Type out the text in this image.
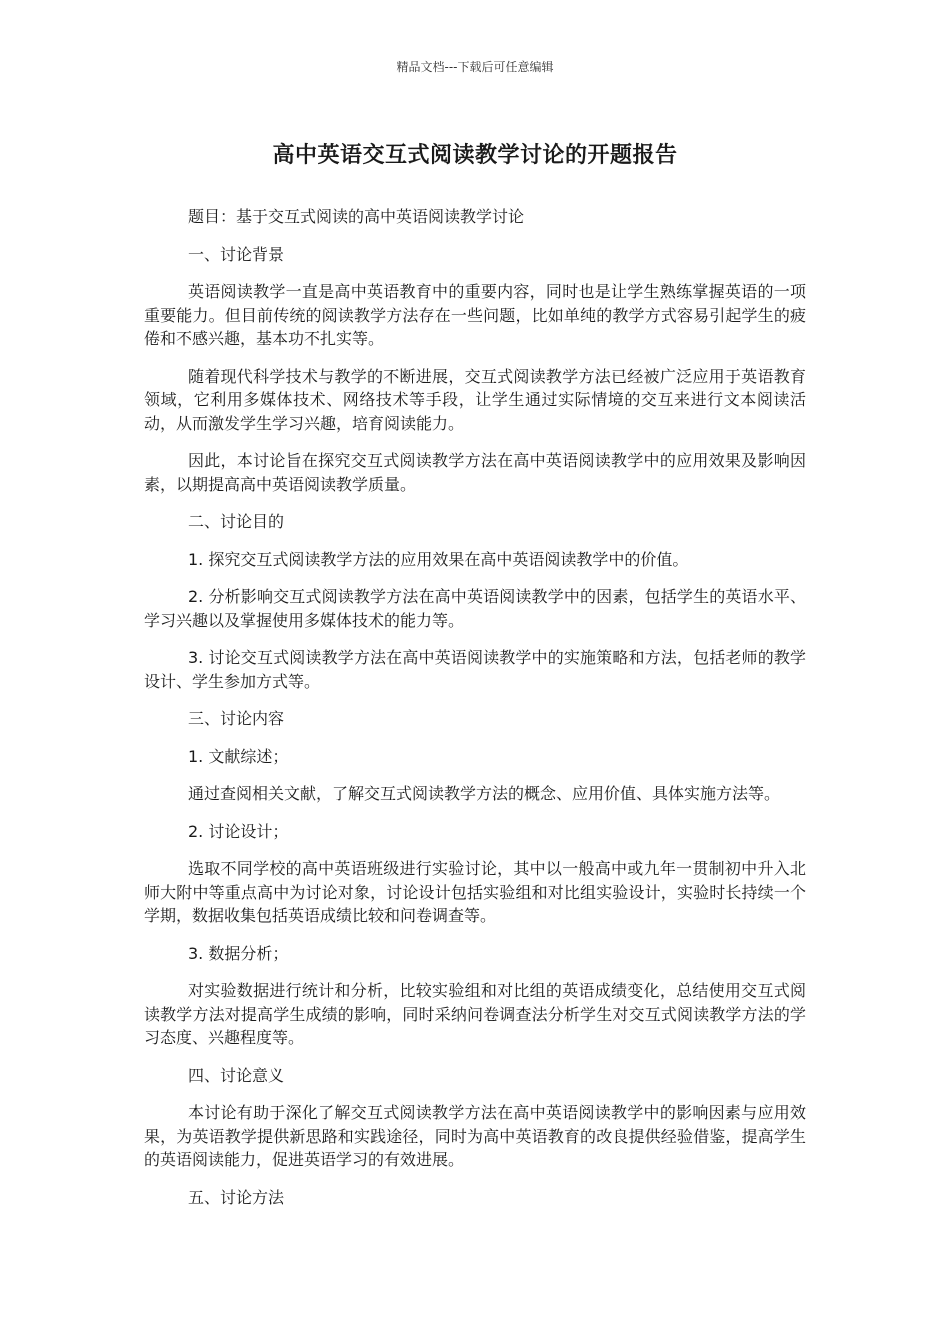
精品文档---下载后可任意编辑
高中英语交互式阅读教学讨论的开题报告

题目：基于交互式阅读的高中英语阅读教学讨论

一、讨论背景

英语阅读教学一直是高中英语教育中的重要内容，同时也是让学生熟练掌握英语的一项重要能力。但目前传统的阅读教学方法存在一些问题，比如单纯的教学方式容易引起学生的疲倦和不感兴趣，基本功不扎实等。

随着现代科学技术与教学的不断进展，交互式阅读教学方法已经被广泛应用于英语教育领域，它利用多媒体技术、网络技术等手段，让学生通过实际情境的交互来进行文本阅读活动，从而激发学生学习兴趣，培育阅读能力。

因此，本讨论旨在探究交互式阅读教学方法在高中英语阅读教学中的应用效果及影响因素，以期提高高中英语阅读教学质量。

二、讨论目的

1. 探究交互式阅读教学方法的应用效果在高中英语阅读教学中的价值。

2. 分析影响交互式阅读教学方法在高中英语阅读教学中的因素，包括学生的英语水平、学习兴趣以及掌握使用多媒体技术的能力等。

3. 讨论交互式阅读教学方法在高中英语阅读教学中的实施策略和方法，包括老师的教学设计、学生参加方式等。

三、讨论内容

1. 文献综述；

通过查阅相关文献，了解交互式阅读教学方法的概念、应用价值、具体实施方法等。

2. 讨论设计；

选取不同学校的高中英语班级进行实验讨论，其中以一般高中或九年一贯制初中升入北师大附中等重点高中为讨论对象，讨论设计包括实验组和对比组实验设计，实验时长持续一个学期，数据收集包括英语成绩比较和问卷调查等。

3. 数据分析；

对实验数据进行统计和分析，比较实验组和对比组的英语成绩变化，总结使用交互式阅读教学方法对提高学生成绩的影响，同时采纳问卷调查法分析学生对交互式阅读教学方法的学习态度、兴趣程度等。

四、讨论意义

本讨论有助于深化了解交互式阅读教学方法在高中英语阅读教学中的影响因素与应用效果，为英语教学提供新思路和实践途径，同时为高中英语教育的改良提供经验借鉴，提高学生的英语阅读能力，促进英语学习的有效进展。

五、讨论方法
